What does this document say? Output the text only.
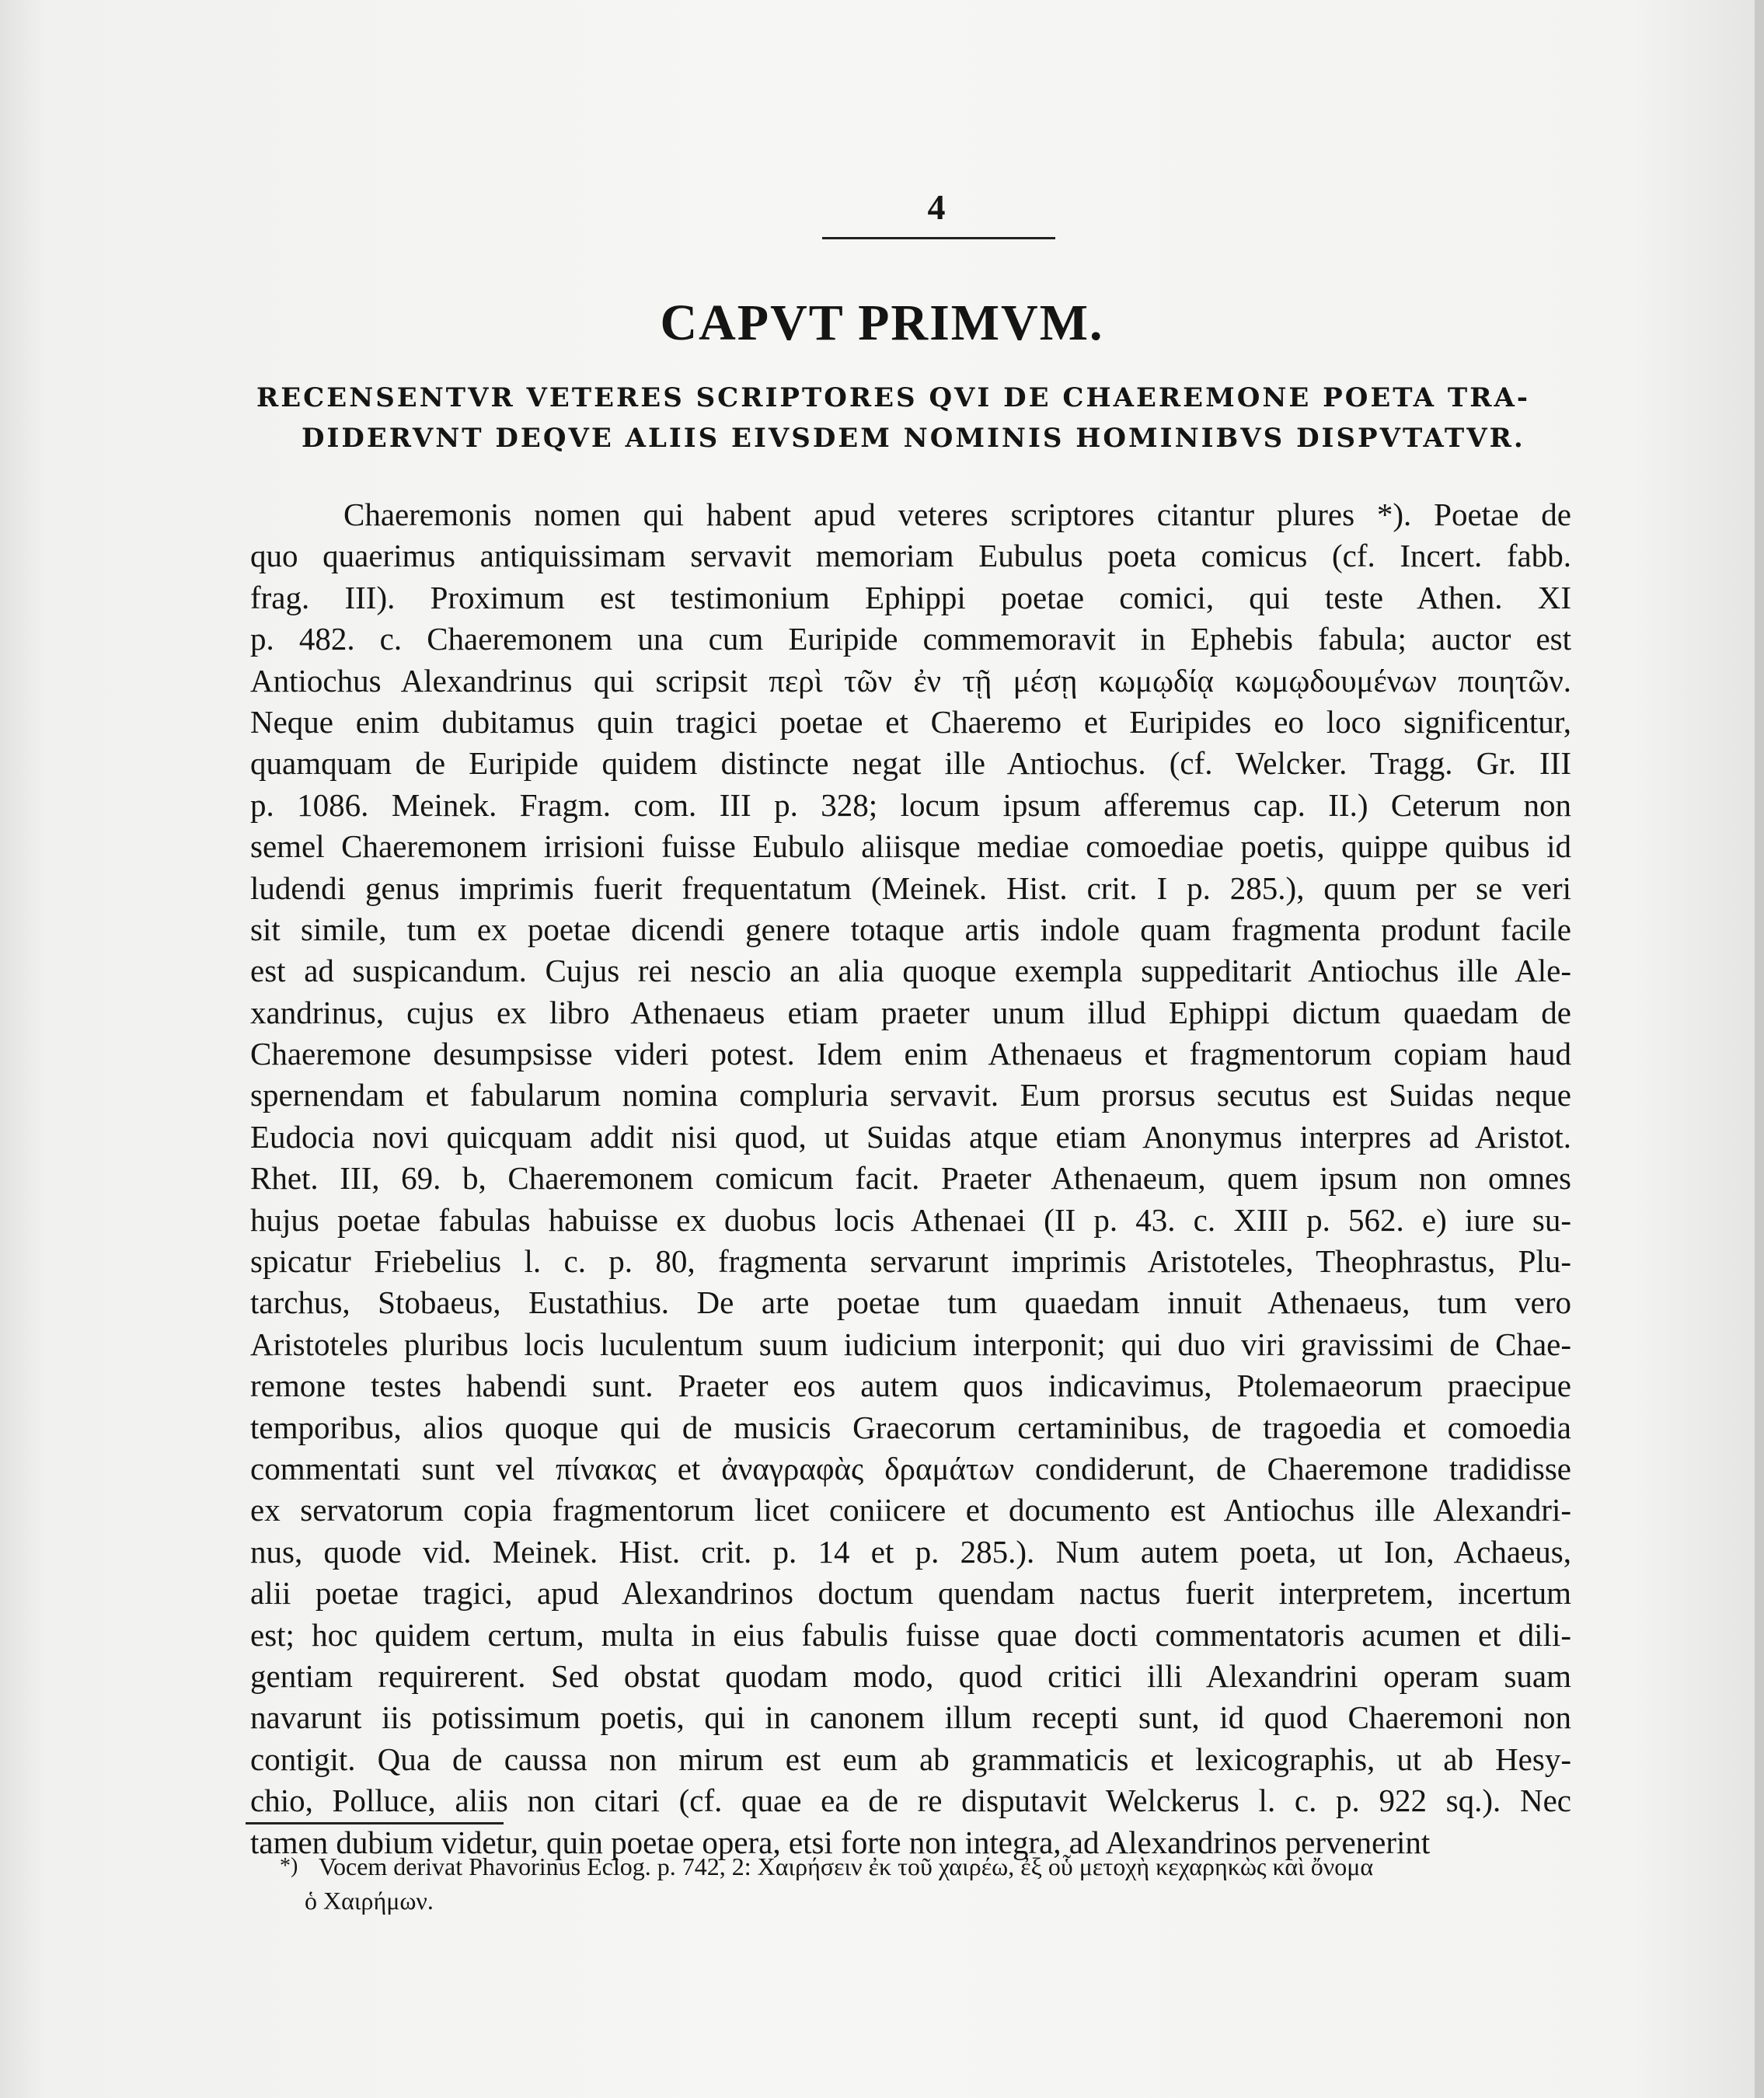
4
CAPVT PRIMVM.
RECENSENTVR VETERES SCRIPTORES QVI DE CHAEREMONE POETA TRA-
DIDERVNT DEQVE ALIIS EIVSDEM NOMINIS HOMINIBVS DISPVTATVR.
Chaeremonis nomen qui habent apud veteres scriptores citantur plures *). Poetae de
quo quaerimus antiquissimam servavit memoriam Eubulus poeta comicus (cf. Incert. fabb.
frag. III). Proximum est testimonium Ephippi poetae comici, qui teste Athen. XI
p. 482. c. Chaeremonem una cum Euripide commemoravit in Ephebis fabula; auctor est
Antiochus Alexandrinus qui scripsit περὶ τῶν ἐν τῇ μέσῃ κωμῳδίᾳ κωμῳδουμένων ποιητῶν.
Neque enim dubitamus quin tragici poetae et Chaeremo et Euripides eo loco significentur,
quamquam de Euripide quidem distincte negat ille Antiochus. (cf. Welcker. Tragg. Gr. III
p. 1086. Meinek. Fragm. com. III p. 328; locum ipsum afferemus cap. II.) Ceterum non
semel Chaeremonem irrisioni fuisse Eubulo aliisque mediae comoediae poetis, quippe quibus id
ludendi genus imprimis fuerit frequentatum (Meinek. Hist. crit. I p. 285.), quum per se veri
sit simile, tum ex poetae dicendi genere totaque artis indole quam fragmenta produnt facile
est ad suspicandum. Cujus rei nescio an alia quoque exempla suppeditarit Antiochus ille Ale-
xandrinus, cujus ex libro Athenaeus etiam praeter unum illud Ephippi dictum quaedam de
Chaeremone desumpsisse videri potest. Idem enim Athenaeus et fragmentorum copiam haud
spernendam et fabularum nomina compluria servavit. Eum prorsus secutus est Suidas neque
Eudocia novi quicquam addit nisi quod, ut Suidas atque etiam Anonymus interpres ad Aristot.
Rhet. III, 69. b, Chaeremonem comicum facit. Praeter Athenaeum, quem ipsum non omnes
hujus poetae fabulas habuisse ex duobus locis Athenaei (II p. 43. c. XIII p. 562. e) iure su-
spicatur Friebelius l. c. p. 80, fragmenta servarunt imprimis Aristoteles, Theophrastus, Plu-
tarchus, Stobaeus, Eustathius. De arte poetae tum quaedam innuit Athenaeus, tum vero
Aristoteles pluribus locis luculentum suum iudicium interponit; qui duo viri gravissimi de Chae-
remone testes habendi sunt. Praeter eos autem quos indicavimus, Ptolemaeorum praecipue
temporibus, alios quoque qui de musicis Graecorum certaminibus, de tragoedia et comoedia
commentati sunt vel πίνακας et ἀναγραφὰς δραμάτων condiderunt, de Chaeremone tradidisse
ex servatorum copia fragmentorum licet coniicere et documento est Antiochus ille Alexandri-
nus, quode vid. Meinek. Hist. crit. p. 14 et p. 285.). Num autem poeta, ut Ion, Achaeus,
alii poetae tragici, apud Alexandrinos doctum quendam nactus fuerit interpretem, incertum
est; hoc quidem certum, multa in eius fabulis fuisse quae docti commentatoris acumen et dili-
gentiam requirerent. Sed obstat quodam modo, quod critici illi Alexandrini operam suam
navarunt iis potissimum poetis, qui in canonem illum recepti sunt, id quod Chaeremoni non
contigit. Qua de caussa non mirum est eum ab grammaticis et lexicographis, ut ab Hesy-
chio, Polluce, aliis non citari (cf. quae ea de re disputavit Welckerus l. c. p. 922 sq.). Nec
tamen dubium videtur, quin poetae opera, etsi forte non integra, ad Alexandrinos pervenerint
*) Vocem derivat Phavorinus Eclog. p. 742, 2: Χαιρήσειν ἐκ τοῦ χαιρέω, ἐξ οὗ μετοχὴ κεχαρηκὼς καὶ ὄνομα
ὁ Χαιρήμων.
